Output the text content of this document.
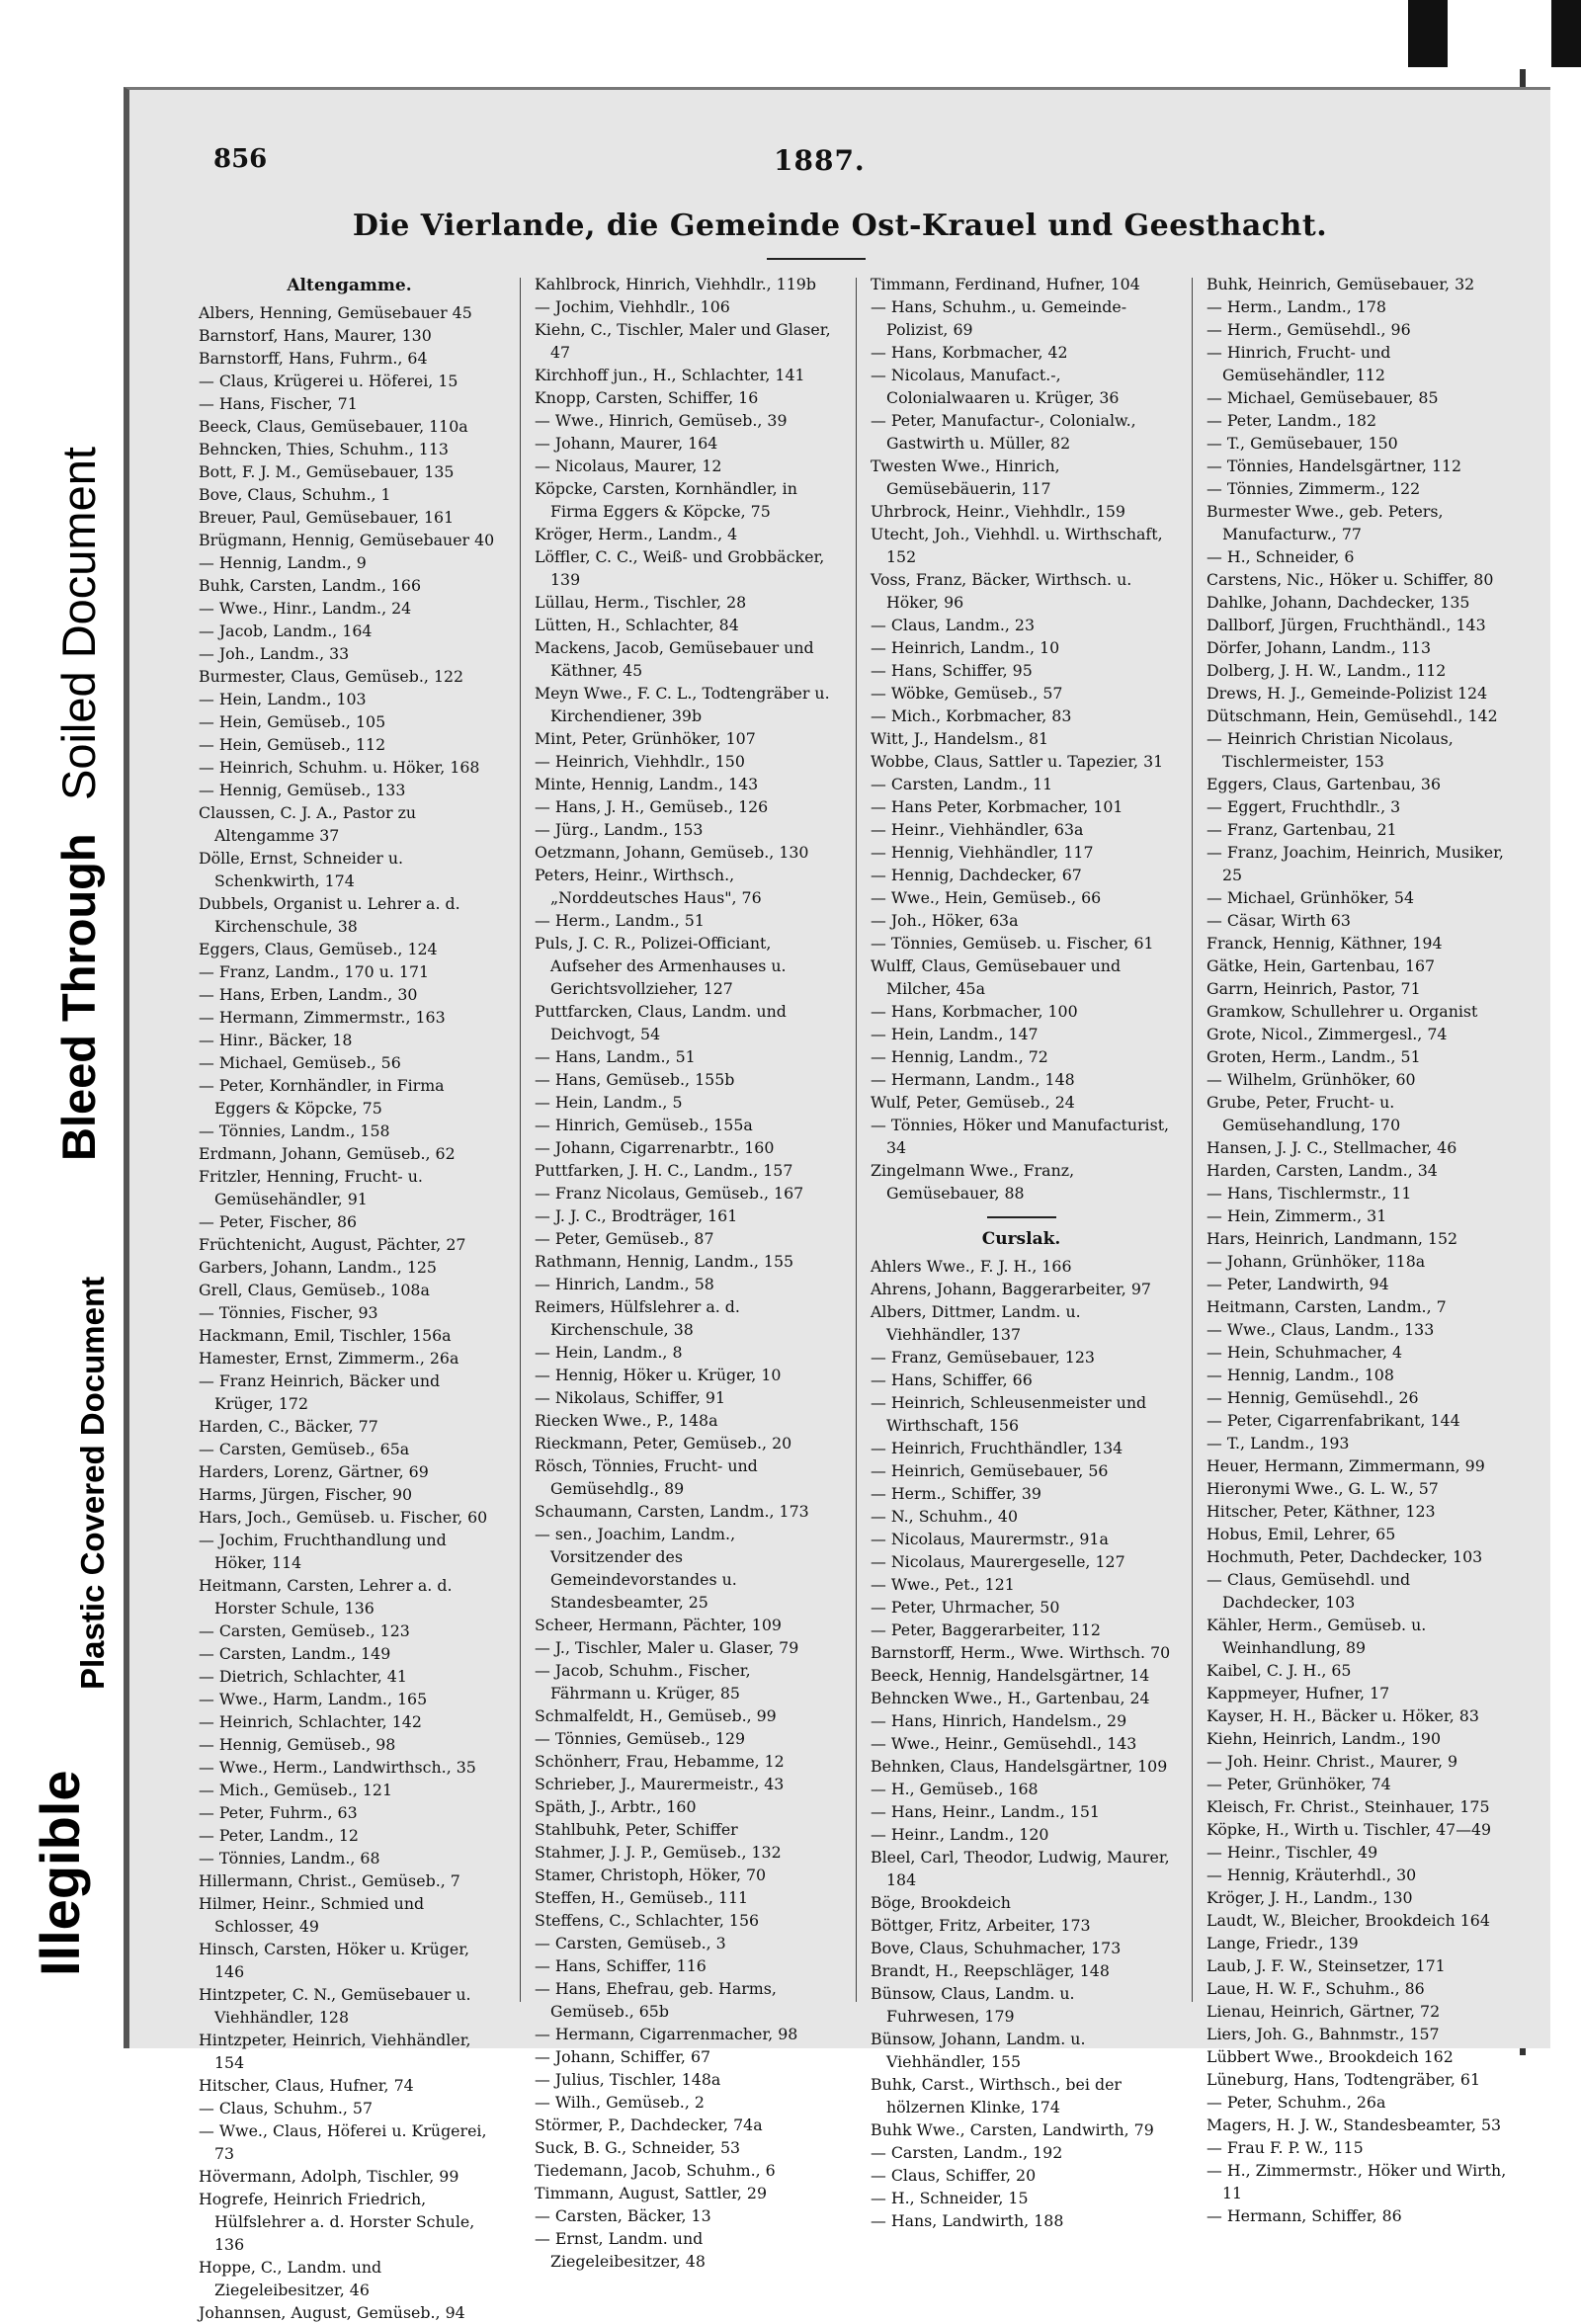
Bleed Through
Soiled Document
Plastic Covered Document
Illegible
856	1887.
Die Vierlande, die Gemeinde Ost-Krauel und Geesthacht.
Altengamme.
Albers, Henning, Gemüsebauer 45
Barnstorf, Hans, Maurer, 130
Barnstorff, Hans, Fuhrm., 64
— Claus, Krügerei u. Höferei, 15
— Hans, Fischer, 71
Beeck, Claus, Gemüsebauer, 110a
Behncken, Thies, Schuhm., 113
Bott, F. J. M., Gemüsebauer, 135
Bove, Claus, Schuhm., 1
Breuer, Paul, Gemüsebauer, 161
Brügmann, Hennig, Gemüsebauer 40
— Hennig, Landm., 9
Buhk, Carsten, Landm., 166
— Wwe., Hinr., Landm., 24
— Jacob, Landm., 164
— Joh., Landm., 33
Burmester, Claus, Gemüseb., 122
— Hein, Landm., 103
— Hein, Gemüseb., 105
— Hein, Gemüseb., 112
— Heinrich, Schuhm. u. Höker, 168
— Hennig, Gemüseb., 133
Claussen, C. J. A., Pastor zu Altengamme 37
Dölle, Ernst, Schneider u. Schenkwirth, 174
Dubbels, Organist u. Lehrer a. d. Kirchenschule, 38
Eggers, Claus, Gemüseb., 124
— Franz, Landm., 170 u. 171
— Hans, Erben, Landm., 30
— Hermann, Zimmermstr., 163
— Hinr., Bäcker, 18
— Michael, Gemüseb., 56
— Peter, Kornhändler, in Firma Eggers & Köpcke, 75
— Tönnies, Landm., 158
Erdmann, Johann, Gemüseb., 62
Fritzler, Henning, Frucht- u. Gemüsehändler, 91
— Peter, Fischer, 86
Früchtenicht, August, Pächter, 27
Garbers, Johann, Landm., 125
Grell, Claus, Gemüseb., 108a
— Tönnies, Fischer, 93
Hackmann, Emil, Tischler, 156a
Hamester, Ernst, Zimmerm., 26a
— Franz Heinrich, Bäcker und Krüger, 172
Harden, C., Bäcker, 77
— Carsten, Gemüseb., 65a
Harders, Lorenz, Gärtner, 69
Harms, Jürgen, Fischer, 90
Hars, Joch., Gemüseb. u. Fischer, 60
— Jochim, Fruchthandlung und Höker, 114
Heitmann, Carsten, Lehrer a. d. Horster Schule, 136
— Carsten, Gemüseb., 123
— Carsten, Landm., 149
— Dietrich, Schlachter, 41
— Wwe., Harm, Landm., 165
— Heinrich, Schlachter, 142
— Hennig, Gemüseb., 98
— Wwe., Herm., Landwirthsch., 35
— Mich., Gemüseb., 121
— Peter, Fuhrm., 63
— Peter, Landm., 12
— Tönnies, Landm., 68
Hillermann, Christ., Gemüseb., 7
Hilmer, Heinr., Schmied und Schlosser, 49
Hinsch, Carsten, Höker u. Krüger, 146
Hintzpeter, C. N., Gemüsebauer u. Viehhändler, 128
Hintzpeter, Heinrich, Viehhändler, 154
Hitscher, Claus, Hufner, 74
— Claus, Schuhm., 57
— Wwe., Claus, Höferei u. Krügerei, 73
Hövermann, Adolph, Tischler, 99
Hogrefe, Heinrich Friedrich, Hülfslehrer a. d. Horster Schule, 136
Hoppe, C., Landm. und Ziegeleibesitzer, 46
Johannsen, August, Gemüseb., 94
Kahlbrock, Hinrich, Viehhdlr., 119b
— Jochim, Viehhdlr., 106
Kiehn, C., Tischler, Maler und Glaser, 47
Kirchhoff jun., H., Schlachter, 141
Knopp, Carsten, Schiffer, 16
— Wwe., Hinrich, Gemüseb., 39
— Johann, Maurer, 164
— Nicolaus, Maurer, 12
Köpcke, Carsten, Kornhändler, in Firma Eggers & Köpcke, 75
Kröger, Herm., Landm., 4
Löffler, C. C., Weiß- und Grobbäcker, 139
Lüllau, Herm., Tischler, 28
Lütten, H., Schlachter, 84
Mackens, Jacob, Gemüsebauer und Käthner, 45
Meyn Wwe., F. C. L., Todtengräber u. Kirchendiener, 39b
Mint, Peter, Grünhöker, 107
— Heinrich, Viehhdlr., 150
Minte, Hennig, Landm., 143
— Hans, J. H., Gemüseb., 126
— Jürg., Landm., 153
Oetzmann, Johann, Gemüseb., 130
Peters, Heinr., Wirthsch., „Norddeutsches Haus", 76
— Herm., Landm., 51
Puls, J. C. R., Polizei-Officiant, Aufseher des Armenhauses u. Gerichtsvollzieher, 127
Puttfarcken, Claus, Landm. und Deichvogt, 54
— Hans, Landm., 51
— Hans, Gemüseb., 155b
— Hein, Landm., 5
— Hinrich, Gemüseb., 155a
— Johann, Cigarrenarbtr., 160
Puttfarken, J. H. C., Landm., 157
— Franz Nicolaus, Gemüseb., 167
— J. J. C., Brodträger, 161
— Peter, Gemüseb., 87
Rathmann, Hennig, Landm., 155
— Hinrich, Landm., 58
Reimers, Hülfslehrer a. d. Kirchenschule, 38
— Hein, Landm., 8
— Hennig, Höker u. Krüger, 10
— Nikolaus, Schiffer, 91
Riecken Wwe., P., 148a
Rieckmann, Peter, Gemüseb., 20
Rösch, Tönnies, Frucht- und Gemüsehdlg., 89
Schaumann, Carsten, Landm., 173
— sen., Joachim, Landm., Vorsitzender des Gemeindevorstandes u. Standesbeamter, 25
Scheer, Hermann, Pächter, 109
— J., Tischler, Maler u. Glaser, 79
— Jacob, Schuhm., Fischer, Fährmann u. Krüger, 85
Schmalfeldt, H., Gemüseb., 99
— Tönnies, Gemüseb., 129
Schönherr, Frau, Hebamme, 12
Schrieber, J., Maurermeistr., 43
Späth, J., Arbtr., 160
Stahlbuhk, Peter, Schiffer
Stahmer, J. J. P., Gemüseb., 132
Stamer, Christoph, Höker, 70
Steffen, H., Gemüseb., 111
Steffens, C., Schlachter, 156
— Carsten, Gemüseb., 3
— Hans, Schiffer, 116
— Hans, Ehefrau, geb. Harms, Gemüseb., 65b
— Hermann, Cigarrenmacher, 98
— Johann, Schiffer, 67
— Julius, Tischler, 148a
— Wilh., Gemüseb., 2
Störmer, P., Dachdecker, 74a
Suck, B. G., Schneider, 53
Tiedemann, Jacob, Schuhm., 6
Timmann, August, Sattler, 29
— Carsten, Bäcker, 13
— Ernst, Landm. und Ziegeleibesitzer, 48
Timmann, Ferdinand, Hufner, 104
— Hans, Schuhm., u. Gemeinde-Polizist, 69
— Hans, Korbmacher, 42
— Nicolaus, Manufact.-, Colonialwaaren u. Krüger, 36
— Peter, Manufactur-, Colonialw., Gastwirth u. Müller, 82
Twesten Wwe., Hinrich, Gemüsebäuerin, 117
Uhrbrock, Heinr., Viehhdlr., 159
Utecht, Joh., Viehhdl. u. Wirthschaft, 152
Voss, Franz, Bäcker, Wirthsch. u. Höker, 96
— Claus, Landm., 23
— Heinrich, Landm., 10
— Hans, Schiffer, 95
— Wöbke, Gemüseb., 57
— Mich., Korbmacher, 83
Witt, J., Handelsm., 81
Wobbe, Claus, Sattler u. Tapezier, 31
— Carsten, Landm., 11
— Hans Peter, Korbmacher, 101
— Heinr., Viehhändler, 63a
— Hennig, Viehhändler, 117
— Hennig, Dachdecker, 67
— Wwe., Hein, Gemüseb., 66
— Joh., Höker, 63a
— Tönnies, Gemüseb. u. Fischer, 61
Wulff, Claus, Gemüsebauer und Milcher, 45a
— Hans, Korbmacher, 100
— Hein, Landm., 147
— Hennig, Landm., 72
— Hermann, Landm., 148
Wulf, Peter, Gemüseb., 24
— Tönnies, Höker und Manufacturist, 34
Zingelmann Wwe., Franz, Gemüsebauer, 88
Curslak.
Ahlers Wwe., F. J. H., 166
Ahrens, Johann, Baggerarbeiter, 97
Albers, Dittmer, Landm. u. Viehhändler, 137
— Franz, Gemüsebauer, 123
— Hans, Schiffer, 66
— Heinrich, Schleusenmeister und Wirthschaft, 156
— Heinrich, Fruchthändler, 134
— Heinrich, Gemüsebauer, 56
— Herm., Schiffer, 39
— N., Schuhm., 40
— Nicolaus, Maurermstr., 91a
— Nicolaus, Maurergeselle, 127
— Wwe., Pet., 121
— Peter, Uhrmacher, 50
— Peter, Baggerarbeiter, 112
Barnstorff, Herm., Wwe. Wirthsch. 70
Beeck, Hennig, Handelsgärtner, 14
Behncken Wwe., H., Gartenbau, 24
— Hans, Hinrich, Handelsm., 29
— Wwe., Heinr., Gemüsehdl., 143
Behnken, Claus, Handelsgärtner, 109
— H., Gemüseb., 168
— Hans, Heinr., Landm., 151
— Heinr., Landm., 120
Bleel, Carl, Theodor, Ludwig, Maurer, 184
Böge, Brookdeich
Böttger, Fritz, Arbeiter, 173
Bove, Claus, Schuhmacher, 173
Brandt, H., Reepschläger, 148
Bünsow, Claus, Landm. u. Fuhrwesen, 179
Bünsow, Johann, Landm. u. Viehhändler, 155
Buhk, Carst., Wirthsch., bei der hölzernen Klinke, 174
Buhk Wwe., Carsten, Landwirth, 79
— Carsten, Landm., 192
— Claus, Schiffer, 20
— H., Schneider, 15
— Hans, Landwirth, 188
Buhk, Heinrich, Gemüsebauer, 32
— Herm., Landm., 178
— Herm., Gemüsehdl., 96
— Hinrich, Frucht- und Gemüsehändler, 112
— Michael, Gemüsebauer, 85
— Peter, Landm., 182
— T., Gemüsebauer, 150
— Tönnies, Handelsgärtner, 112
— Tönnies, Zimmerm., 122
Burmester Wwe., geb. Peters, Manufacturw., 77
— H., Schneider, 6
Carstens, Nic., Höker u. Schiffer, 80
Dahlke, Johann, Dachdecker, 135
Dallborf, Jürgen, Fruchthändl., 143
Dörfer, Johann, Landm., 113
Dolberg, J. H. W., Landm., 112
Drews, H. J., Gemeinde-Polizist 124
Dütschmann, Hein, Gemüsehdl., 142
— Heinrich Christian Nicolaus, Tischlermeister, 153
Eggers, Claus, Gartenbau, 36
— Eggert, Fruchthdlr., 3
— Franz, Gartenbau, 21
— Franz, Joachim, Heinrich, Musiker, 25
— Michael, Grünhöker, 54
— Cäsar, Wirth 63
Franck, Hennig, Käthner, 194
Gätke, Hein, Gartenbau, 167
Garrn, Heinrich, Pastor, 71
Gramkow, Schullehrer u. Organist
Grote, Nicol., Zimmergesl., 74
Groten, Herm., Landm., 51
— Wilhelm, Grünhöker, 60
Grube, Peter, Frucht- u. Gemüsehandlung, 170
Hansen, J. J. C., Stellmacher, 46
Harden, Carsten, Landm., 34
— Hans, Tischlermstr., 11
— Hein, Zimmerm., 31
Hars, Heinrich, Landmann, 152
— Johann, Grünhöker, 118a
— Peter, Landwirth, 94
Heitmann, Carsten, Landm., 7
— Wwe., Claus, Landm., 133
— Hein, Schuhmacher, 4
— Hennig, Landm., 108
— Hennig, Gemüsehdl., 26
— Peter, Cigarrenfabrikant, 144
— T., Landm., 193
Heuer, Hermann, Zimmermann, 99
Hieronymi Wwe., G. L. W., 57
Hitscher, Peter, Käthner, 123
Hobus, Emil, Lehrer, 65
Hochmuth, Peter, Dachdecker, 103
— Claus, Gemüsehdl. und Dachdecker, 103
Kähler, Herm., Gemüseb. u. Weinhandlung, 89
Kaibel, C. J. H., 65
Kappmeyer, Hufner, 17
Kayser, H. H., Bäcker u. Höker, 83
Kiehn, Heinrich, Landm., 190
— Joh. Heinr. Christ., Maurer, 9
— Peter, Grünhöker, 74
Kleisch, Fr. Christ., Steinhauer, 175
Köpke, H., Wirth u. Tischler, 47—49
— Heinr., Tischler, 49
— Hennig, Kräuterhdl., 30
Kröger, J. H., Landm., 130
Laudt, W., Bleicher, Brookdeich 164
Lange, Friedr., 139
Laub, J. F. W., Steinsetzer, 171
Laue, H. W. F., Schuhm., 86
Lienau, Heinrich, Gärtner, 72
Liers, Joh. G., Bahnmstr., 157
Lübbert Wwe., Brookdeich 162
Lüneburg, Hans, Todtengräber, 61
— Peter, Schuhm., 26a
Magers, H. J. W., Standesbeamter, 53
— Frau F. P. W., 115
— H., Zimmermstr., Höker und Wirth, 11
— Hermann, Schiffer, 86
